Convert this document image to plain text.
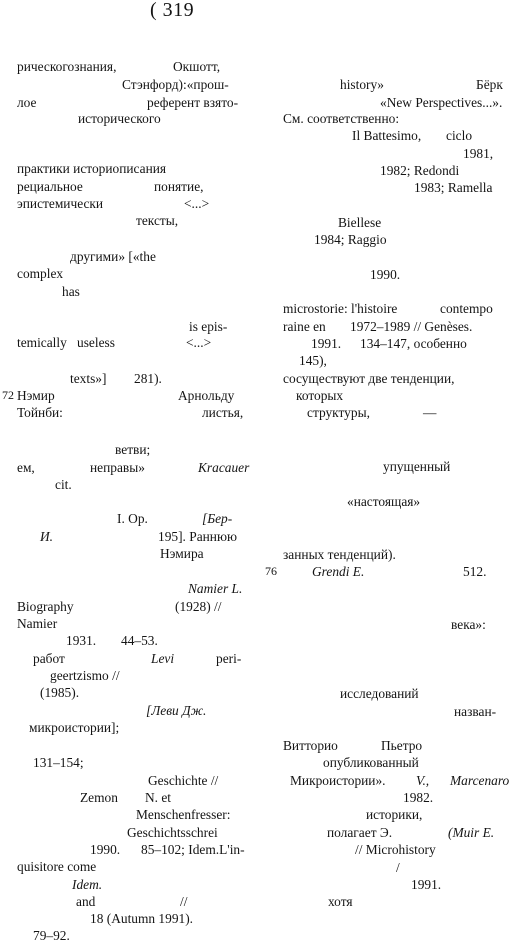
( 319
рическогознания,	Окшотт,
Стэнфорд):«прош-
лое	референт взято-
исторического
практики историописания
рециальное	понятие,
эпистемически	<...>
тексты,
другими» [«the
complex
has
is epis-
temically useless	<...>
texts»] 281).
72 Нэмир	Арнольду
Тойнби:	листья,
ветви;
ем,	неправы»	Kracauer
cit.
I. Op.	[Бер-
И.	195]. Раннюю
Нэмира
Namier L.
Biography	(1928) //
Namier
1931. 44–53.
работ	Levi	peri-
geertzismo //
(1985).
[Леви Дж.
микроистории];
131–154;
Geschichte //
Zemon N. et
Menschenfresser:
Geschichtsschrei
1990. 85–102; Idem.L'in-
quisitore come
Idem.
and	//
18 (Autumn 1991).
79–92.
history»	Бёрк
«New Perspectives...».
См. соответственно:
Il Battesimo, ciclo
1981,
1982; Redondi
1983; Ramella
Biellese
1984; Raggio
1990.
microstorie: l'histoire	contempo
raine en 1972–1989 // Genèses.
1991. 134–147, особенно
145),
сосуществуют две тенденции,
которых
структуры,	—
упущенный
«настоящая»
занных тенденций).
76	Grendi E.	512.
века»:
исследований
назван-
Витторио	Пьетро
опубликованный
Микроистории». V., Marcenaro
1982.
историки,
полагает Э.	(Muir E.
// Microhistory
/
1991.
хотя
